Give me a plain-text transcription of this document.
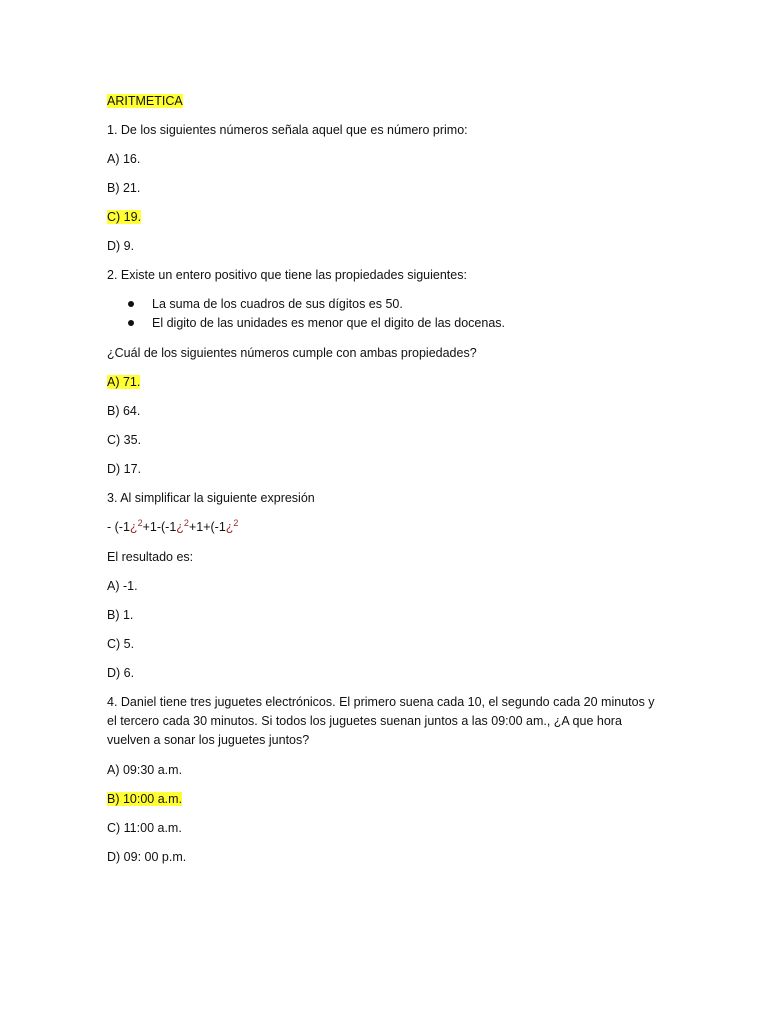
ARITMETICA
1. De los siguientes números señala aquel que es número primo:
A) 16.
B) 21.
C) 19.
D) 9.
2. Existe un entero positivo que tiene las propiedades siguientes:
La suma de los cuadros de sus dígitos es 50.
El digito de las unidades es menor que el digito de las docenas.
¿Cuál de los siguientes números cumple con ambas propiedades?
A) 71.
B) 64.
C) 35.
D) 17.
3. Al simplificar la siguiente expresión
- (-1¿$^2$+1-(-1¿$^2$+1+(-1¿$^2$
El resultado es:
A) -1.
B) 1.
C) 5.
D) 6.
4. Daniel tiene tres juguetes electrónicos. El primero suena cada 10, el segundo cada 20 minutos y
el tercero cada 30 minutos. Si todos los juguetes suenan juntos a las 09:00 am., ¿A que hora
vuelven a sonar los juguetes juntos?
A) 09:30 a.m.
B) 10:00 a.m.
C) 11:00 a.m.
D) 09: 00 p.m.
